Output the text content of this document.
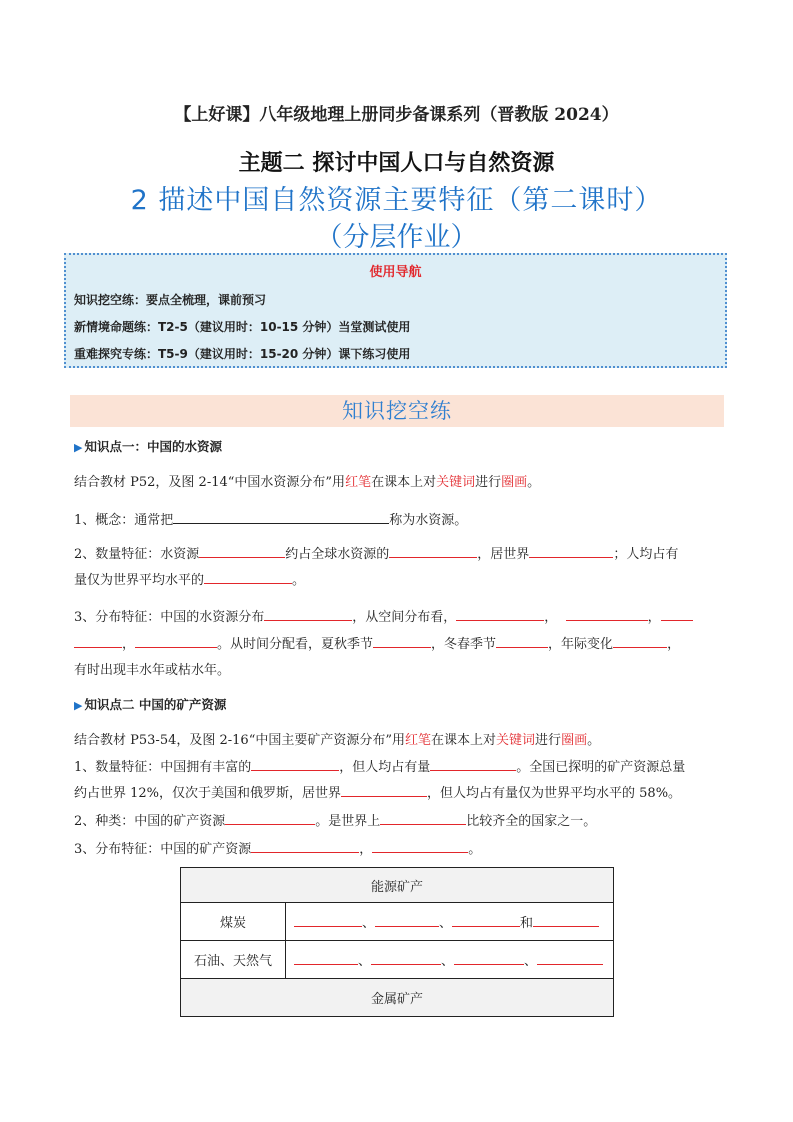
【上好课】八年级地理上册同步备课系列（晋教版 2024）
主题二 探讨中国人口与自然资源
2 描述中国自然资源主要特征（第二课时）
（分层作业）
使用导航
知识挖空练：要点全梳理，课前预习
新情境命题练：T2-5（建议用时：10-15 分钟）当堂测试使用
重难探究专练：T5-9（建议用时：15-20 分钟）课下练习使用
知识挖空练
▶ 知识点一：中国的水资源
结合教材 P52，及图 2-14“中国水资源分布”用红笔在课本上对关键词进行圈画。
1、概念：通常把	称为水资源。
2、数量特征：水资源	约占全球水资源的	，居世界	；人均占有
量仅为世界平均水平的	。
3、分布特征：中国的水资源分布	，从空间分布看，	，	，
，	。从时间分配看，夏秋季节	，冬春季节	，年际变化	，
有时出现丰水年或枯水年。
▶ 知识点二 中国的矿产资源
结合教材 P53-54，及图 2-16“中国主要矿产资源分布”用红笔在课本上对关键词进行圈画。
1、数量特征：中国拥有丰富的	，但人均占有量	。全国已探明的矿产资源总量
约占世界 12%，仅次于美国和俄罗斯，居世界	，但人均占有量仅为世界平均水平的 58%。
2、种类：中国的矿产资源	。是世界上	比较齐全的国家之一。
3、分布特征：中国的矿产资源	，	。
能源矿产	
煤炭	、 、 和
石油、天然气	、 、 、
金属矿产	
